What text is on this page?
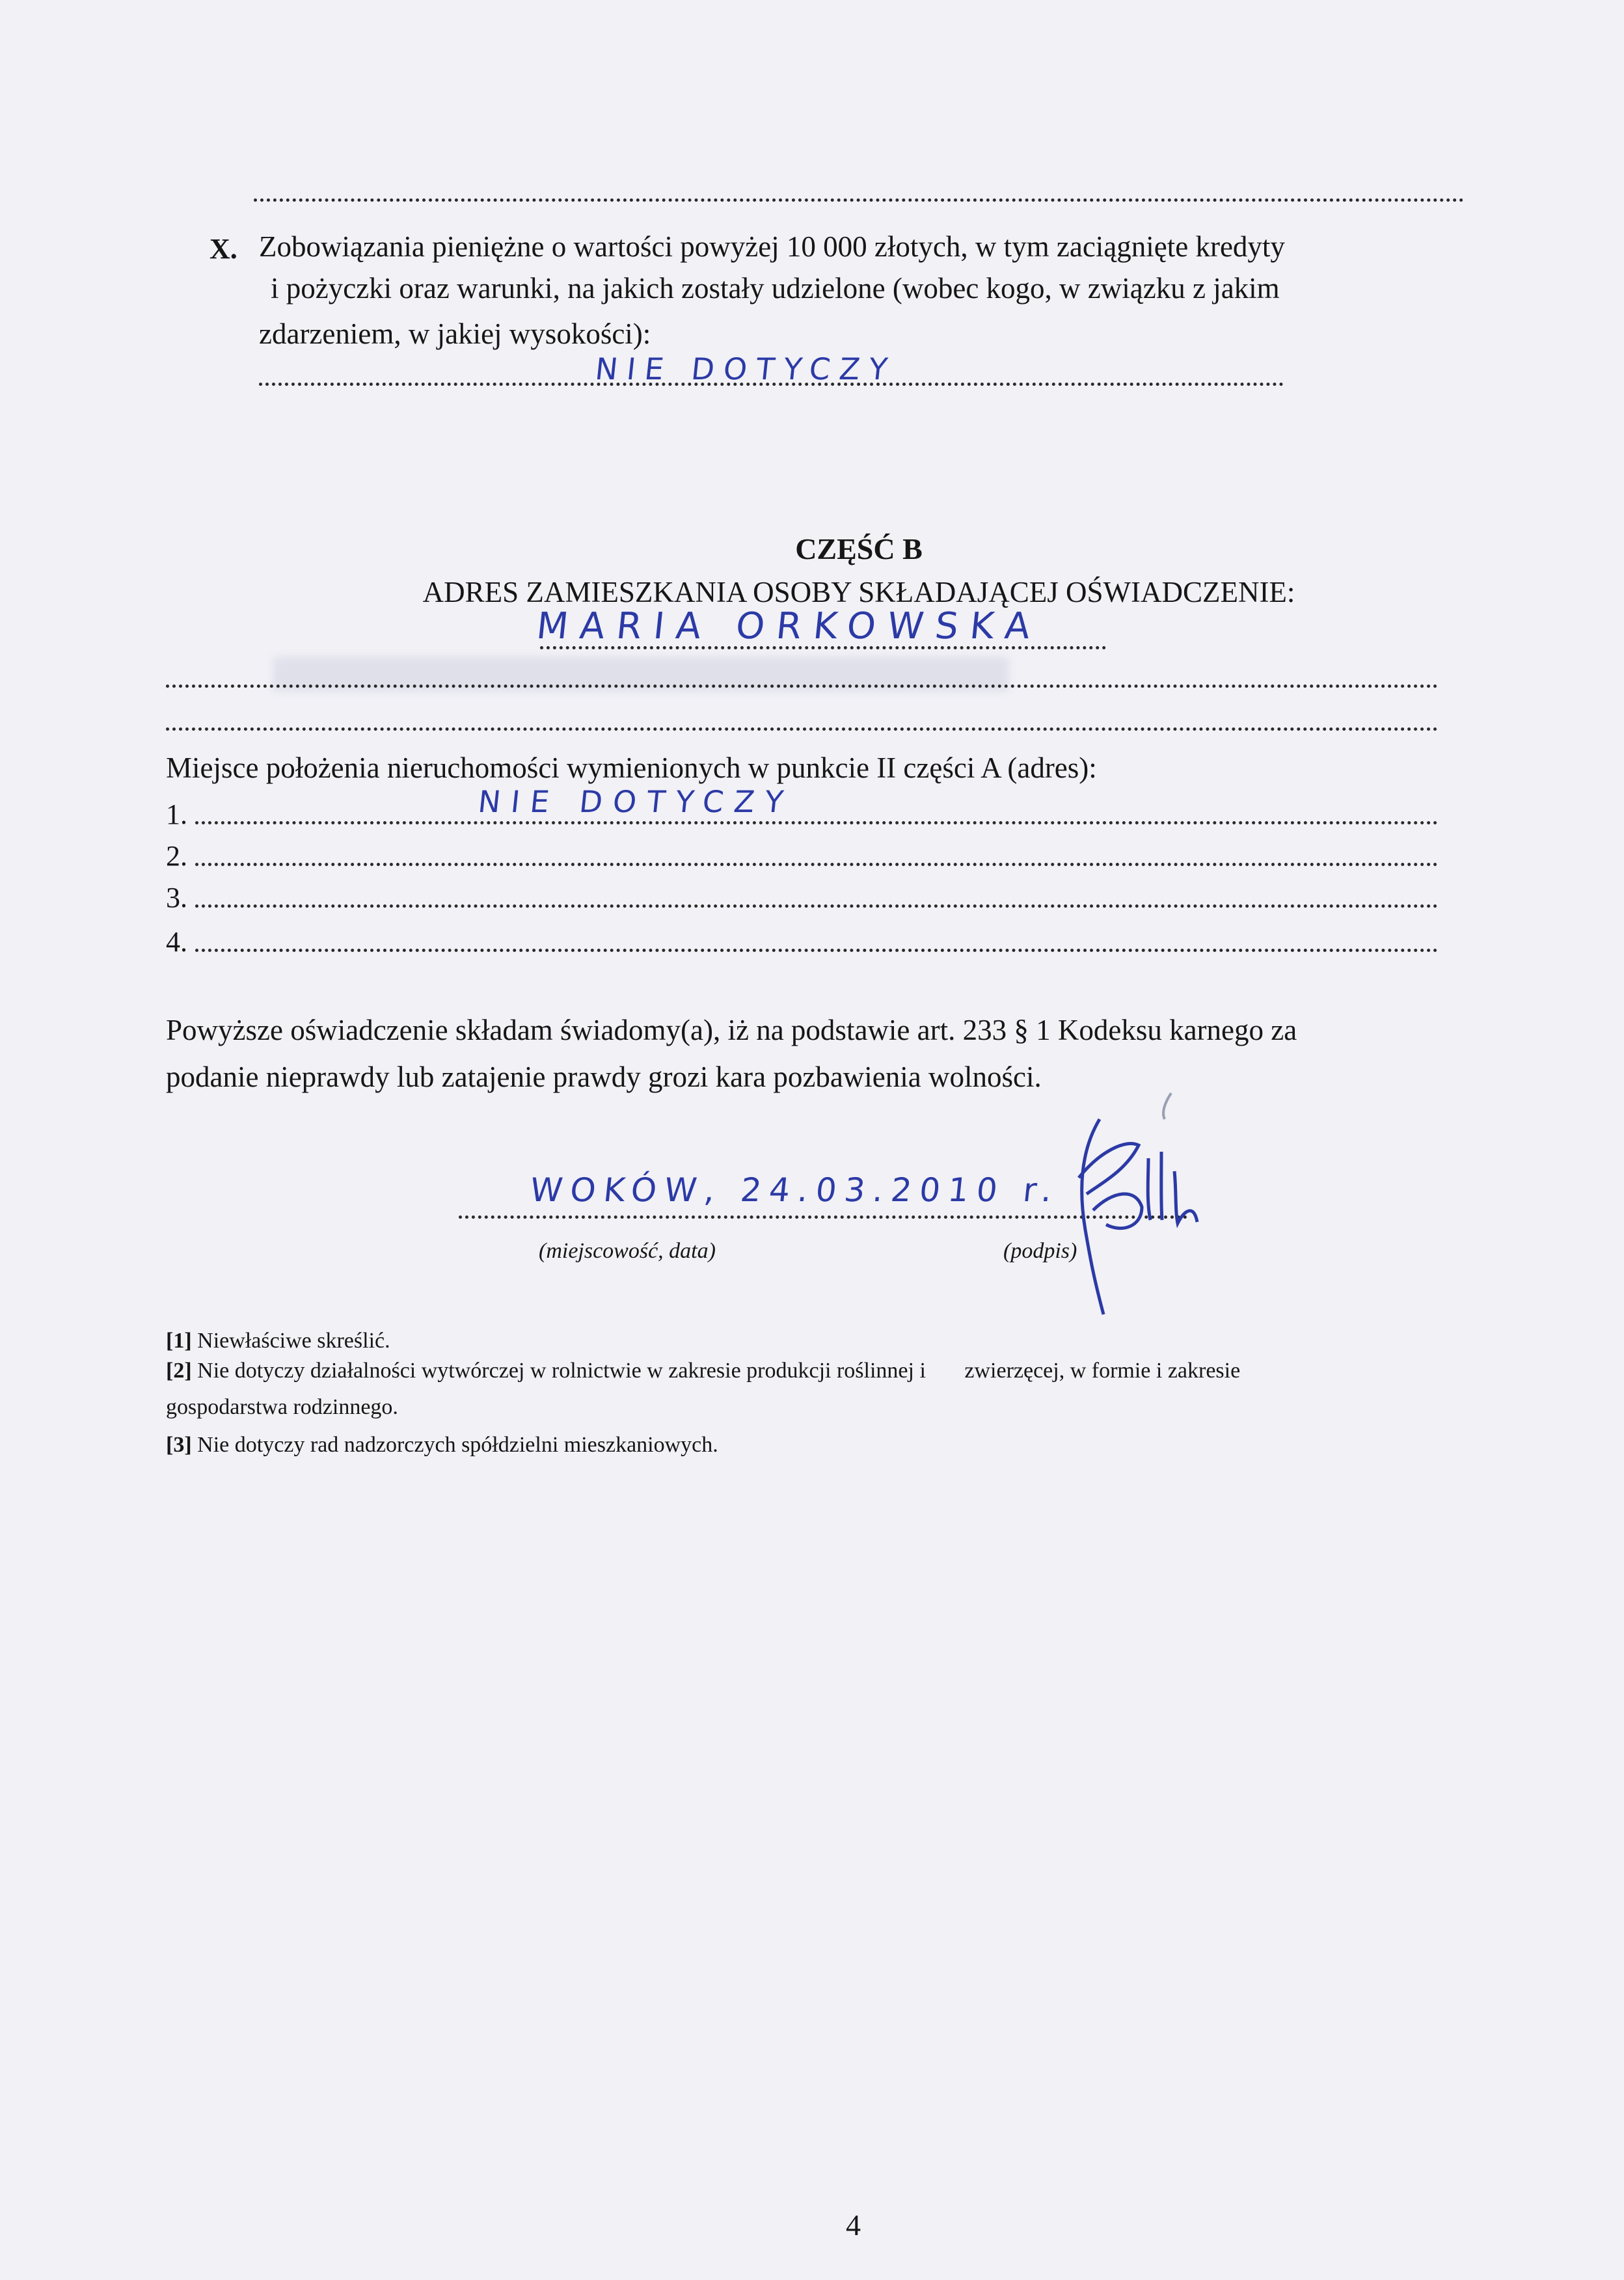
X. Zobowiązania pieniężne o wartości powyżej 10 000 złotych, w tym zaciągnięte kredyty
i pożyczki oraz warunki, na jakich zostały udzielone (wobec kogo, w związku z jakim
zdarzeniem, w jakiej wysokości):
NIE DOTYCZY
CZĘŚĆ B
ADRES ZAMIESZKANIA OSOBY SKŁADAJĄCEJ OŚWIADCZENIE:
MARIA ORKOWSKA
Miejsce położenia nieruchomości wymienionych w punkcie II części A (adres):
1.	NIE DOTYCZY
2.
3.
4.
Powyższe oświadczenie składam świadomy(a), iż na podstawie art. 233 § 1 Kodeksu karnego za
podanie nieprawdy lub zatajenie prawdy grozi kara pozbawienia wolności.
WOKÓW, 24.03.2010 r.
(miejscowość, data)	(podpis)
[1] Niewłaściwe skreślić.
[2] Nie dotyczy działalności wytwórczej w rolnictwie w zakresie produkcji roślinnej i       zwierzęcej, w formie i zakresie
gospodarstwa rodzinnego.
[3] Nie dotyczy rad nadzorczych spółdzielni mieszkaniowych.
4
